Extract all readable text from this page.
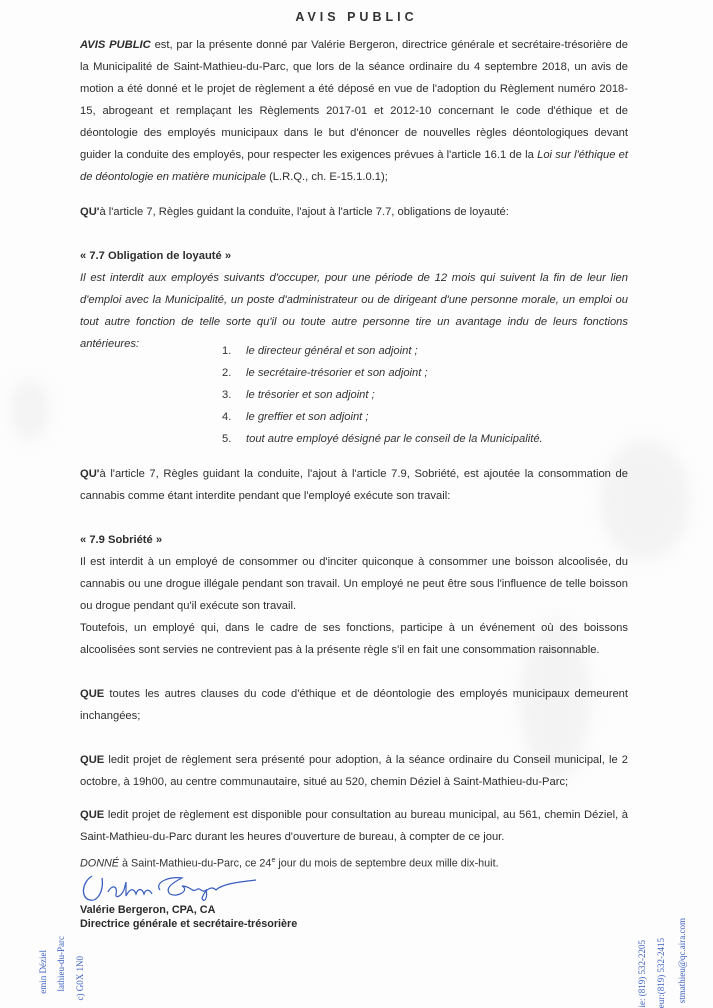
AVIS PUBLIC

AVIS PUBLIC est, par la présente donné par Valérie Bergeron, directrice générale et secrétaire-trésorière de la Municipalité de Saint-Mathieu-du-Parc, que lors de la séance ordinaire du 4 septembre 2018, un avis de motion a été donné et le projet de règlement a été déposé en vue de l'adoption du Règlement numéro 2018-15, abrogeant et remplaçant les Règlements 2017-01 et 2012-10 concernant le code d'éthique et de déontologie des employés municipaux dans le but d'énoncer de nouvelles règles déontologiques devant guider la conduite des employés, pour respecter les exigences prévues à l'article 16.1 de la Loi sur l'éthique et de déontologie en matière municipale (L.R.Q., ch. E-15.1.0.1);

QU'à l'article 7, Règles guidant la conduite, l'ajout à l'article 7.7, obligations de loyauté:

« 7.7 Obligation de loyauté »

Il est interdit aux employés suivants d'occuper, pour une période de 12 mois qui suivent la fin de leur lien d'emploi avec la Municipalité, un poste d'administrateur ou de dirigeant d'une personne morale, un emploi ou tout autre fonction de telle sorte qu'il ou toute autre personne tire un avantage indu de leurs fonctions antérieures:

1.	le directeur général et son adjoint ;
2.	le secrétaire-trésorier et son adjoint ;
3.	le trésorier et son adjoint ;
4.	le greffier et son adjoint ;
5.	tout autre employé désigné par le conseil de la Municipalité.

QU'à l'article 7, Règles guidant la conduite, l'ajout à l'article 7.9, Sobriété, est ajoutée la consommation de cannabis comme étant interdite pendant que l'employé exécute son travail:

« 7.9 Sobriété »

Il est interdit à un employé de consommer ou d'inciter quiconque à consommer une boisson alcoolisée, du cannabis ou une drogue illégale pendant son travail. Un employé ne peut être sous l'influence de telle boisson ou drogue pendant qu'il exécute son travail.

Toutefois, un employé qui, dans le cadre de ses fonctions, participe à un événement où des boissons alcoolisées sont servies ne contrevient pas à la présente règle s'il en fait une consommation raisonnable.

QUE toutes les autres clauses du code d'éthique et de déontologie des employés municipaux demeurent inchangées;

QUE ledit projet de règlement sera présenté pour adoption, à la séance ordinaire du Conseil municipal, le 2 octobre, à 19h00, au centre communautaire, situé au 520, chemin Déziel à Saint-Mathieu-du-Parc;

QUE ledit projet de règlement est disponible pour consultation au bureau municipal, au 561, chemin Déziel, à Saint-Mathieu-du-Parc durant les heures d'ouverture de bureau, à compter de ce jour.

DONNÉ à Saint-Mathieu-du-Parc, ce 24e jour du mois de septembre deux mille dix-huit.
Valérie Bergeron, CPA, CA
Directrice générale et secrétaire-trésorière
emin Déziel lathieu-du-Parc c) G0X 1N0	ie: (819) 532-2205 eur:(819) 532-2415 stmathieu@qc.aira.com
